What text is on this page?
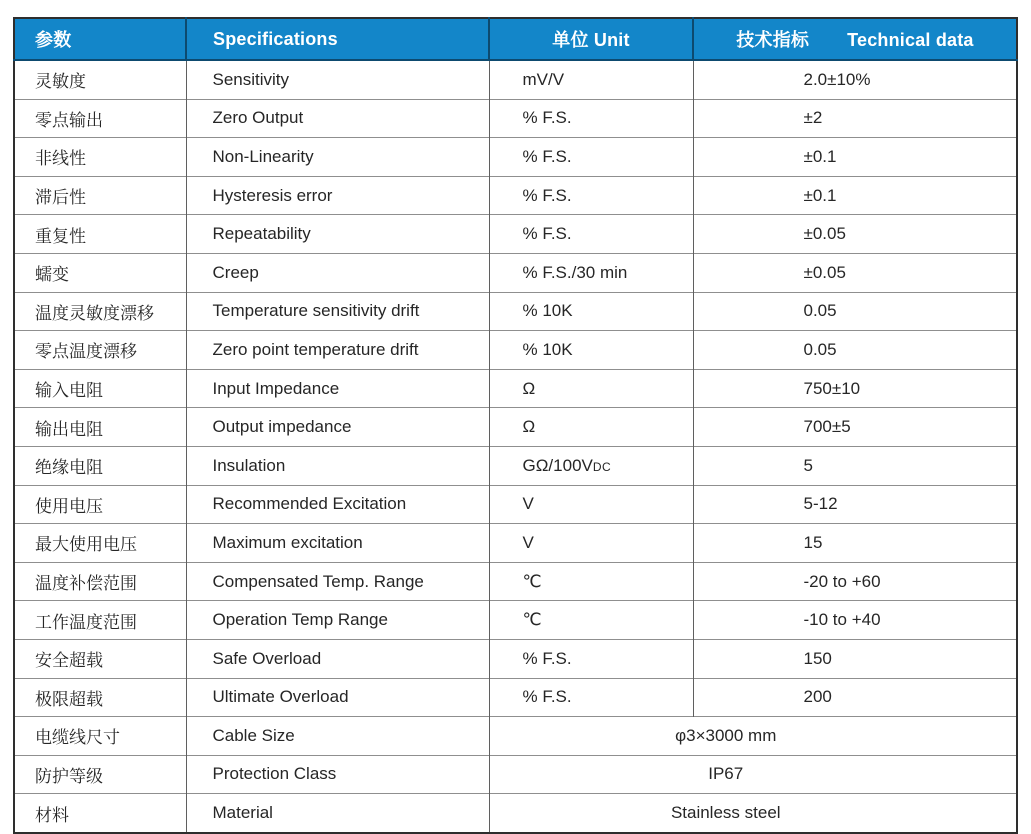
参数	Specifications	单位 Unit	技术指标 Technical data
灵敏度	Sensitivity	mV/V	2.0±10%
零点输出	Zero Output	% F.S.	±2
非线性	Non-Linearity	% F.S.	±0.1
滞后性	Hysteresis error	% F.S.	±0.1
重复性	Repeatability	% F.S.	±0.05
蠕变	Creep	% F.S./30 min	±0.05
温度灵敏度漂移	Temperature sensitivity drift	% 10K	0.05
零点温度漂移	Zero point temperature drift	% 10K	0.05
输入电阻	Input Impedance	Ω	750±10
输出电阻	Output impedance	Ω	700±5
绝缘电阻	Insulation	GΩ/100VDC	5
使用电压	Recommended Excitation	V	5-12
最大使用电压	Maximum excitation	V	15
温度补偿范围	Compensated Temp. Range	℃	-20 to +60
工作温度范围	Operation Temp Range	℃	-10 to +40
安全超载	Safe Overload	% F.S.	150
极限超载	Ultimate Overload	% F.S.	200
电缆线尺寸	Cable Size	φ3×3000 mm	
防护等级	Protection Class	IP67	
材料	Material	Stainless steel	
